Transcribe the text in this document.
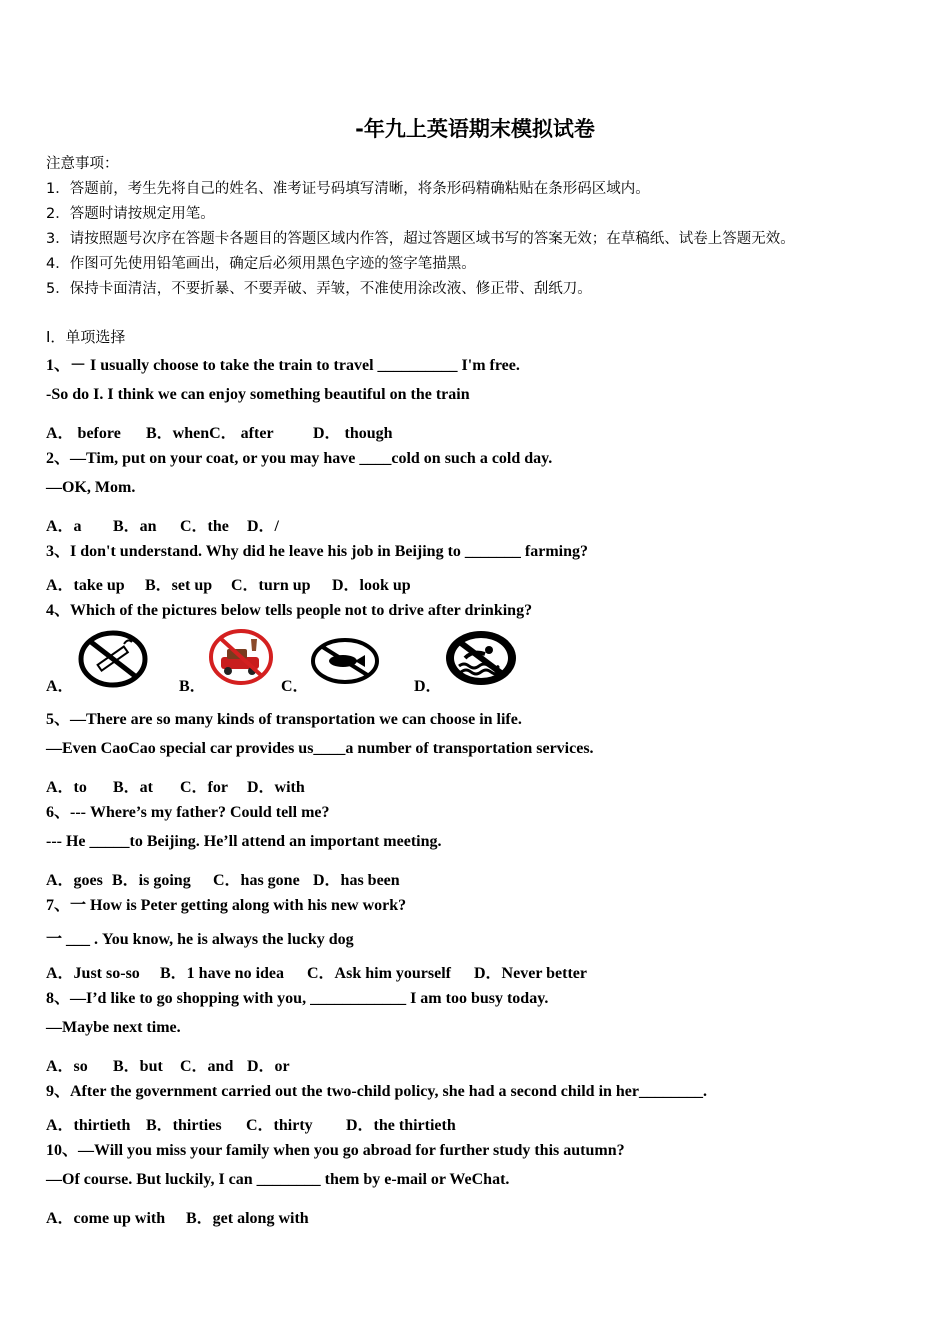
-年九上英语期末模拟试卷
注意事项：
1．答题前，考生先将自己的姓名、准考证号码填写清晰，将条形码精确粘贴在条形码区域内。
2．答题时请按规定用笔。
3．请按照题号次序在答题卡各题目的答题区域内作答，超过答题区域书写的答案无效；在草稿纸、试卷上答题无效。
4．作图可先使用铅笔画出，确定后必须用黑色字迹的签字笔描黑。
5．保持卡面清洁，不要折暴、不要弄破、弄皱，不准使用涂改液、修正带、刮纸刀。
Ⅰ．单项选择
1、－ I usually choose to take the train to travel __________ I'm free.
-So do I. I think we can enjoy something beautiful on the train
A． before B．whenC． after D． though
2、—Tim, put on your coat, or you may have ____cold on such a cold day.
—OK, Mom.
A．a B．an C．the D．/
3、I don't understand. Why did he leave his job in Beijing to _______ farming?
A．take up B．set up C．turn up D．look up
4、Which of the pictures below tells people not to drive after drinking?
A．	B．	C．	D．
5、—There are so many kinds of transportation we can choose in life.
—Even CaoCao special car provides us____a number of transportation services.
A．to B．at C．for D．with
6、--- Where’s my father? Could tell me?
--- He _____to Beijing. He’ll attend an important meeting.
A．goes B．is going C．has gone D．has been
7、一 How is Peter getting along with his new work?
一 ___ . You know, he is always the lucky dog
A．Just so-so B．1 have no idea C．Ask him yourself D．Never better
8、—I’d like to go shopping with you, ____________ I am too busy today.
—Maybe next time.
A．so B．but C．and D．or
9、After the government carried out the two-child policy, she had a second child in her________.
A．thirtieth B．thirties C．thirty D．the thirtieth
10、—Will you miss your family when you go abroad for further study this autumn?
—Of course. But luckily, I can ________ them by e-mail or WeChat.
A．come up with B．get along with
